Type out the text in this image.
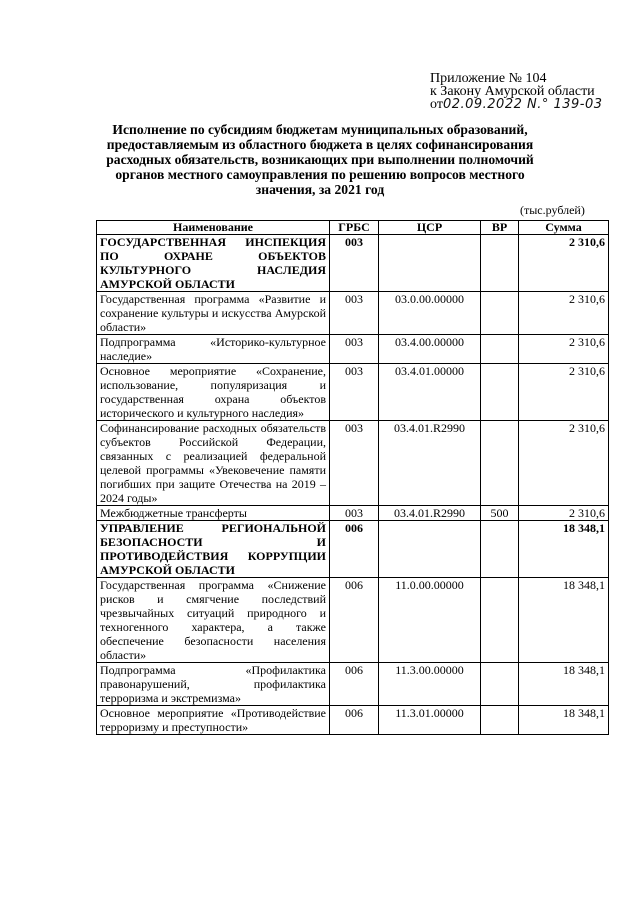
Приложение № 104
к Закону Амурской области
от02.09.2022 N.° 139-03
Исполнение по субсидиям бюджетам муниципальных образований, предоставляемым из областного бюджета в целях софинансирования расходных обязательств, возникающих при выполнении полномочий органов местного самоуправления по решению вопросов местного значения, за 2021 год
(тыс.рублей)
Наименование	ГРБС	ЦСР	ВР	Сумма
ГОСУДАРСТВЕННАЯ ИНСПЕКЦИЯ ПО ОХРАНЕ ОБЪЕКТОВ КУЛЬТУРНОГО НАСЛЕДИЯ АМУРСКОЙ ОБЛАСТИ	003			2 310,6
Государственная программа «Развитие и сохранение культуры и искусства Амурской области»	003	03.0.00.00000		2 310,6
Подпрограмма «Историко-культурное наследие»	003	03.4.00.00000		2 310,6
Основное мероприятие «Сохранение, использование, популяризация и государственная охрана объектов исторического и культурного наследия»	003	03.4.01.00000		2 310,6
Софинансирование расходных обязательств субъектов Российской Федерации, связанных с реализацией федеральной целевой программы «Увековечение памяти погибших при защите Отечества на 2019 – 2024 годы»	003	03.4.01.R2990		2 310,6
Межбюджетные трансферты	003	03.4.01.R2990	500	2 310,6
УПРАВЛЕНИЕ РЕГИОНАЛЬНОЙ БЕЗОПАСНОСТИ И ПРОТИВОДЕЙСТВИЯ КОРРУПЦИИ АМУРСКОЙ ОБЛАСТИ	006			18 348,1
Государственная программа «Снижение рисков и смягчение последствий чрезвычайных ситуаций природного и техногенного характера, а также обеспечение безопасности населения области»	006	11.0.00.00000		18 348,1
Подпрограмма «Профилактика правонарушений, профилактика терроризма и экстремизма»	006	11.3.00.00000		18 348,1
Основное мероприятие «Противодействие терроризму и преступности»	006	11.3.01.00000		18 348,1
